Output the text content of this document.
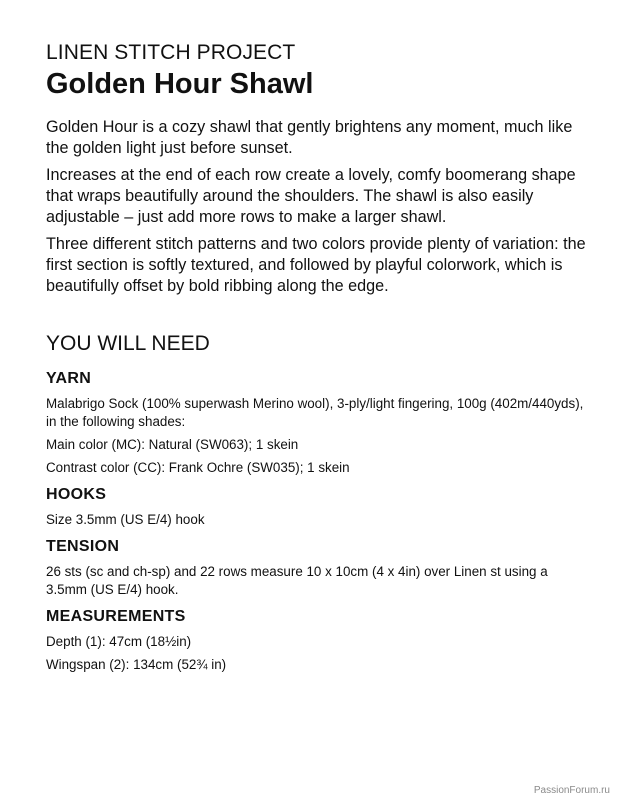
LINEN STITCH PROJECT
Golden Hour Shawl

Golden Hour is a cozy shawl that gently brightens any moment, much like the golden light just before sunset.

Increases at the end of each row create a lovely, comfy boomerang shape that wraps beautifully around the shoulders. The shawl is also easily adjustable – just add more rows to make a larger shawl.

Three different stitch patterns and two colors provide plenty of variation: the first section is softly textured, and followed by playful colorwork, which is beautifully offset by bold ribbing along the edge.

YOU WILL NEED
YARN
Malabrigo Sock (100% superwash Merino wool), 3-ply/light fingering, 100g (402m/440yds), in the following shades:
Main color (MC): Natural (SW063); 1 skein
Contrast color (CC): Frank Ochre (SW035); 1 skein
HOOKS
Size 3.5mm (US E/4) hook
TENSION
26 sts (sc and ch-sp) and 22 rows measure 10 x 10cm (4 x 4in) over Linen st using a 3.5mm (US E/4) hook.
MEASUREMENTS
Depth (1): 47cm (18½in)
Wingspan (2): 134cm (52¾ in)
PassionForum.ru
